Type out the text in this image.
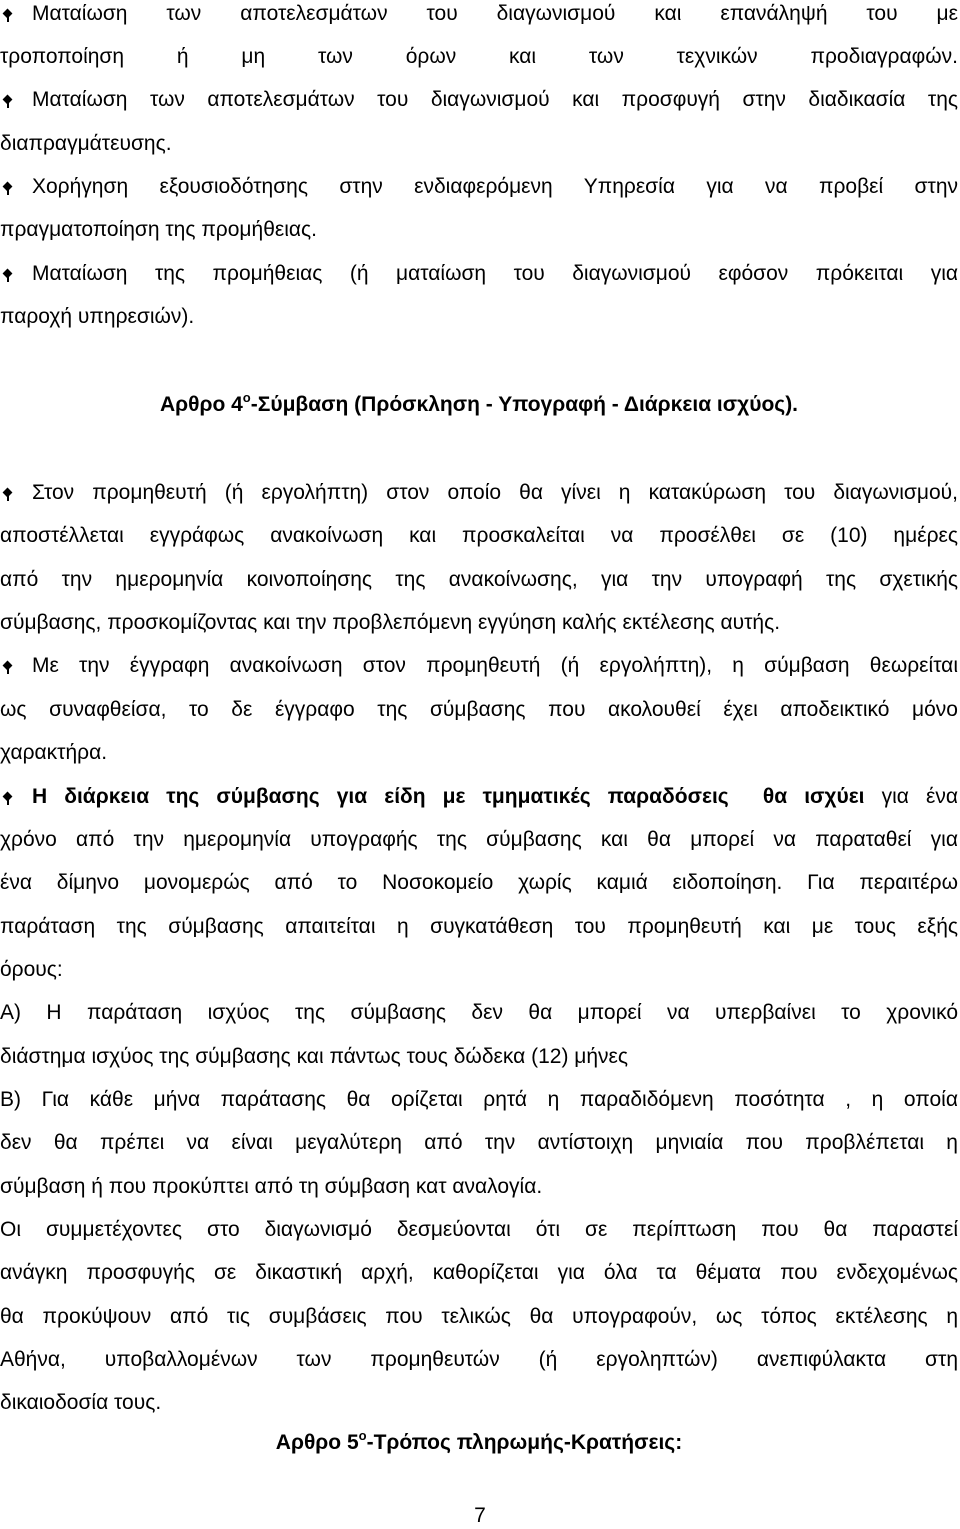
Ματαίωση των αποτελεσμάτων του διαγωνισμού και επανάληψή του με
τροποποίηση ή μη των όρων και των τεχνικών προδιαγραφών.
Ματαίωση των αποτελεσμάτων του διαγωνισμού και προσφυγή στην διαδικασία της
διαπραγμάτευσης.
Χορήγηση εξουσιοδότησης στην ενδιαφερόμενη Υπηρεσία για να προβεί στην
πραγματοποίηση της προμήθειας.
Ματαίωση της προμήθειας (ή ματαίωση του διαγωνισμού εφόσον πρόκειται για
παροχή υπηρεσιών).
Αρθρο $4^o$-Σύμβαση (Πρόσκληση - Υπογραφή - Διάρκεια ισχύος).
Στον προμηθευτή (ή εργολήπτη) στον οποίο θα γίνει η κατακύρωση του διαγωνισμού,
αποστέλλεται εγγράφως ανακοίνωση και προσκαλείται να προσέλθει σε (10) ημέρες
από την ημερομηνία κοινοποίησης της ανακοίνωσης, για την υπογραφή της σχετικής
σύμβασης, προσκομίζοντας και την προβλεπόμενη εγγύηση καλής εκτέλεσης αυτής.
Με την έγγραφη ανακοίνωση στον προμηθευτή (ή εργολήπτη), η σύμβαση θεωρείται
ως συναφθείσα, το δε έγγραφο της σύμβασης που ακολουθεί έχει αποδεικτικό μόνο
χαρακτήρα.
Η διάρκεια της σύμβασης για είδη με τμηματικές παραδόσεις θα ισχύει για ένα
χρόνο από την ημερομηνία υπογραφής της σύμβασης και θα μπορεί να παραταθεί για
ένα δίμηνο μονομερώς από το Νοσοκομείο χωρίς καμιά ειδοποίηση. Για περαιτέρω
παράταση της σύμβασης απαιτείται η συγκατάθεση του προμηθευτή και με τους εξής
όρους:
Α) Η παράταση ισχύος της σύμβασης δεν θα μπορεί να υπερβαίνει το χρονικό
διάστημα ισχύος της σύμβασης και πάντως τους δώδεκα (12) μήνες
Β) Για κάθε μήνα παράτασης θα ορίζεται ρητά η παραδιδόμενη ποσότητα , η οποία
δεν θα πρέπει να είναι μεγαλύτερη από την αντίστοιχη μηνιαία που προβλέπεται η
σύμβαση ή που προκύπτει από τη σύμβαση κατ αναλογία.
Οι συμμετέχοντες στο διαγωνισμό δεσμεύονται ότι σε περίπτωση που θα παραστεί
ανάγκη προσφυγής σε δικαστική αρχή, καθορίζεται για όλα τα θέματα που ενδεχομένως
θα προκύψουν από τις συμβάσεις που τελικώς θα υπογραφούν, ως τόπος εκτέλεσης η
Αθήνα, υποβαλλομένων των προμηθευτών (ή εργοληπτών) ανεπιφύλακτα στη
δικαιοδοσία τους.
Αρθρο $5^o$-Τρόπος πληρωμής-Κρατήσεις:
7
